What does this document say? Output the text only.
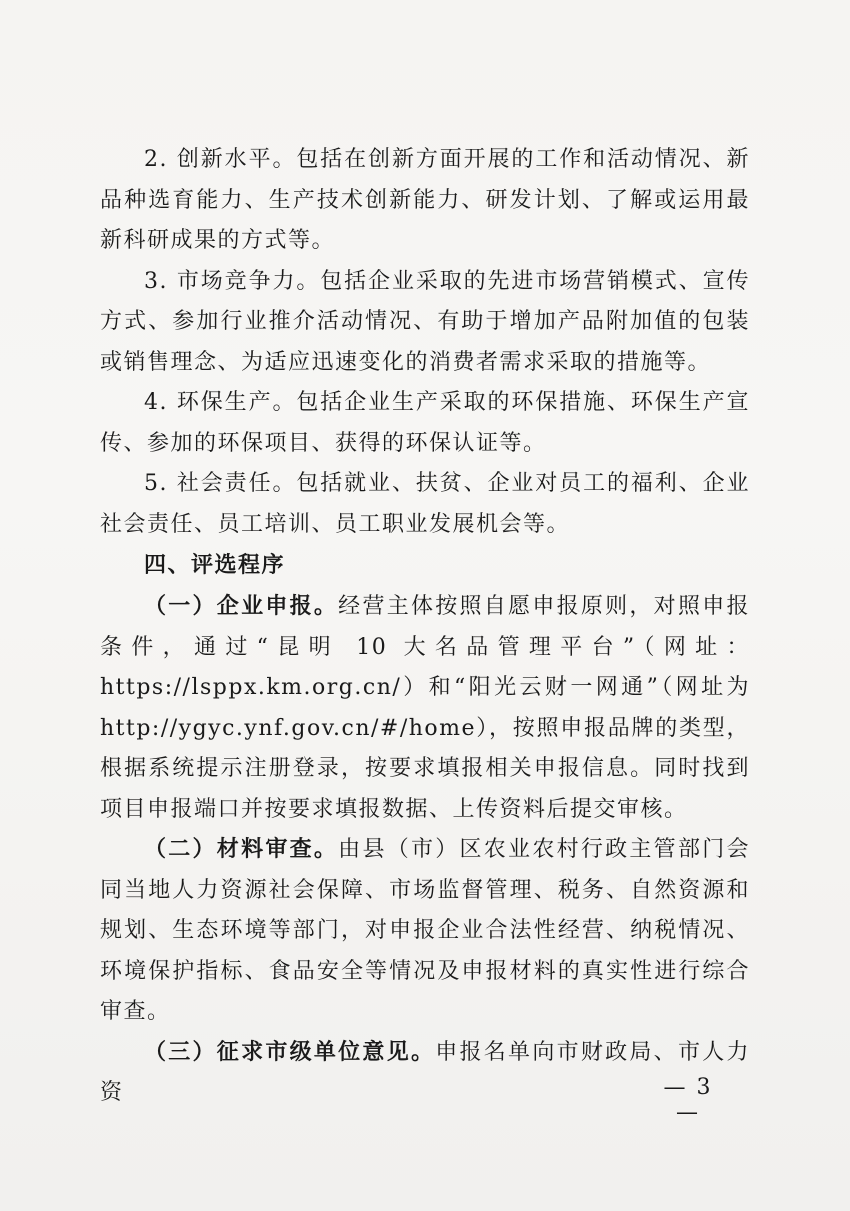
2. 创新水平。包括在创新方面开展的工作和活动情况、新品种选育能力、生产技术创新能力、研发计划、了解或运用最新科研成果的方式等。

3. 市场竞争力。包括企业采取的先进市场营销模式、宣传方式、参加行业推介活动情况、有助于增加产品附加值的包装或销售理念、为适应迅速变化的消费者需求采取的措施等。

4. 环保生产。包括企业生产采取的环保措施、环保生产宣传、参加的环保项目、获得的环保认证等。

5. 社会责任。包括就业、扶贫、企业对员工的福利、企业社会责任、员工培训、员工职业发展机会等。

四、评选程序

（一）企业申报。经营主体按照自愿申报原则，对照申报条件，通过“昆明 10 大名品管理平台”（网址：https://lsppx.km.org.cn/）和“阳光云财一网通”（网址为 http://ygyc.ynf.gov.cn/#/home），按照申报品牌的类型，根据系统提示注册登录，按要求填报相关申报信息。同时找到项目申报端口并按要求填报数据、上传资料后提交审核。

（二）材料审查。由县（市）区农业农村行政主管部门会同当地人力资源社会保障、市场监督管理、税务、自然资源和规划、生态环境等部门，对申报企业合法性经营、纳税情况、环境保护指标、食品安全等情况及申报材料的真实性进行综合审查。

（三）征求市级单位意见。申报名单向市财政局、市人力资	— 3 —
